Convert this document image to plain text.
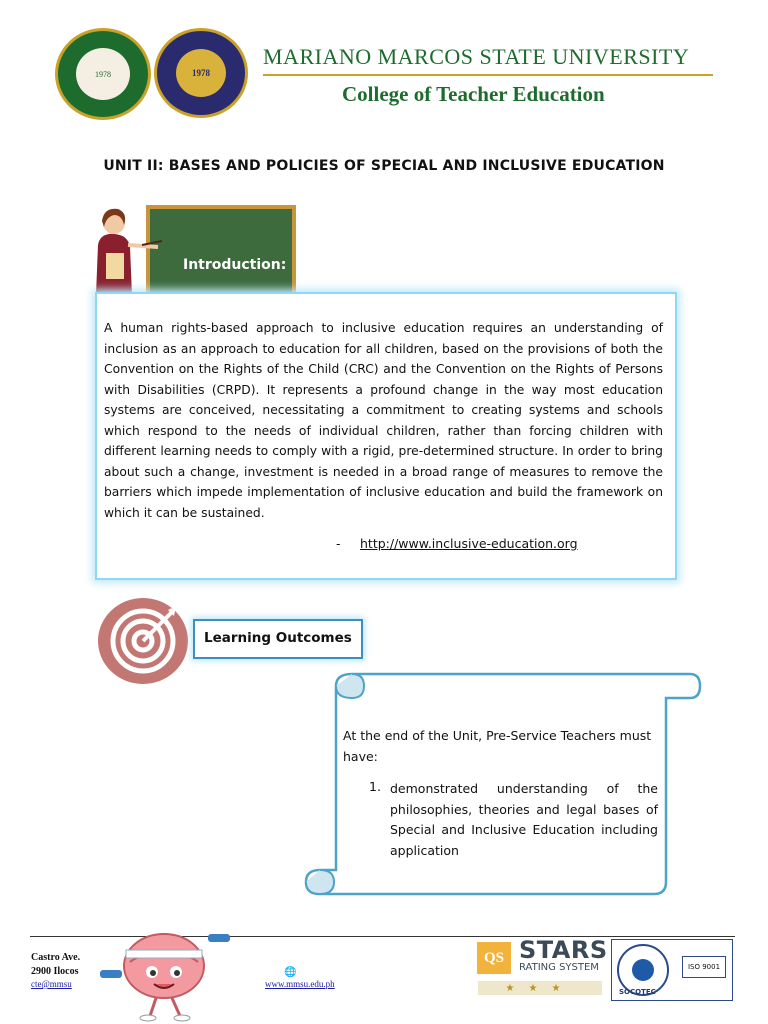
1978	1978
MARIANO MARCOS STATE UNIVERSITY
College of Teacher Education
UNIT II: BASES AND POLICIES OF SPECIAL AND INCLUSIVE EDUCATION
Introduction:
A human rights-based approach to inclusive education requires an understanding of inclusion as an approach to education for all children, based on the provisions of both the Convention on the Rights of the Child (CRC) and the Convention on the Rights of Persons with Disabilities (CRPD). It represents a profound change in the way most education systems are conceived, necessitating a commitment to creating systems and schools which respond to the needs of individual children, rather than forcing children with different learning needs to comply with a rigid, pre-determined structure. In order to bring about such a change, investment is needed in a broad range of measures to remove the barriers which impede implementation of inclusive education and build the framework on which it can be sustained.
- http://www.inclusive-education.org
Learning Outcomes
At the end of the Unit, Pre-Service Teachers must have:
1. demonstrated understanding of the philosophies, theories and legal bases of Special and Inclusive Education including application
Castro Ave.
2900 Ilocos
cte@mmsu
🌐
www.mmsu.edu.ph
QS STARS
RATING SYSTEM
★★★
ISO 9001
SOCOTEC
